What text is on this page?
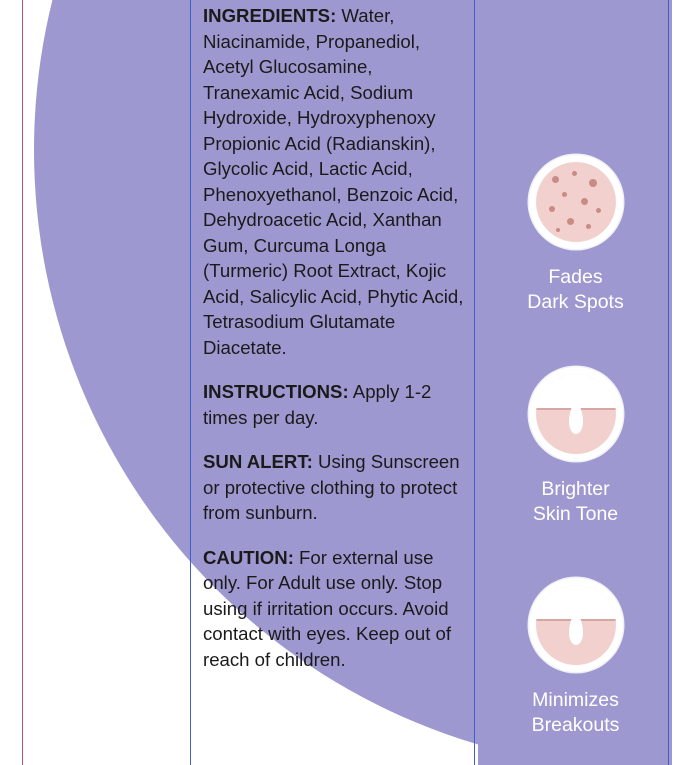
INGREDIENTS: Water, Niacinamide, Propanediol, Acetyl Glucosamine, Tranexamic Acid, Sodium Hydroxide, Hydroxyphenoxy Propionic Acid (Radianskin), Glycolic Acid, Lactic Acid, Phenoxyethanol, Benzoic Acid, Dehydroacetic Acid, Xanthan Gum, Curcuma Longa (Turmeric) Root Extract, Kojic Acid, Salicylic Acid, Phytic Acid, Tetrasodium Glutamate Diacetate.

INSTRUCTIONS: Apply 1-2 times per day.

SUN ALERT: Using Sunscreen or protective clothing to protect from sunburn.

CAUTION: For external use only. For Adult use only. Stop using if irritation occurs. Avoid contact with eyes. Keep out of reach of children.

Fades
Dark Spots
✦ ✦
✦
Brighter
Skin Tone
Minimizes
Breakouts
